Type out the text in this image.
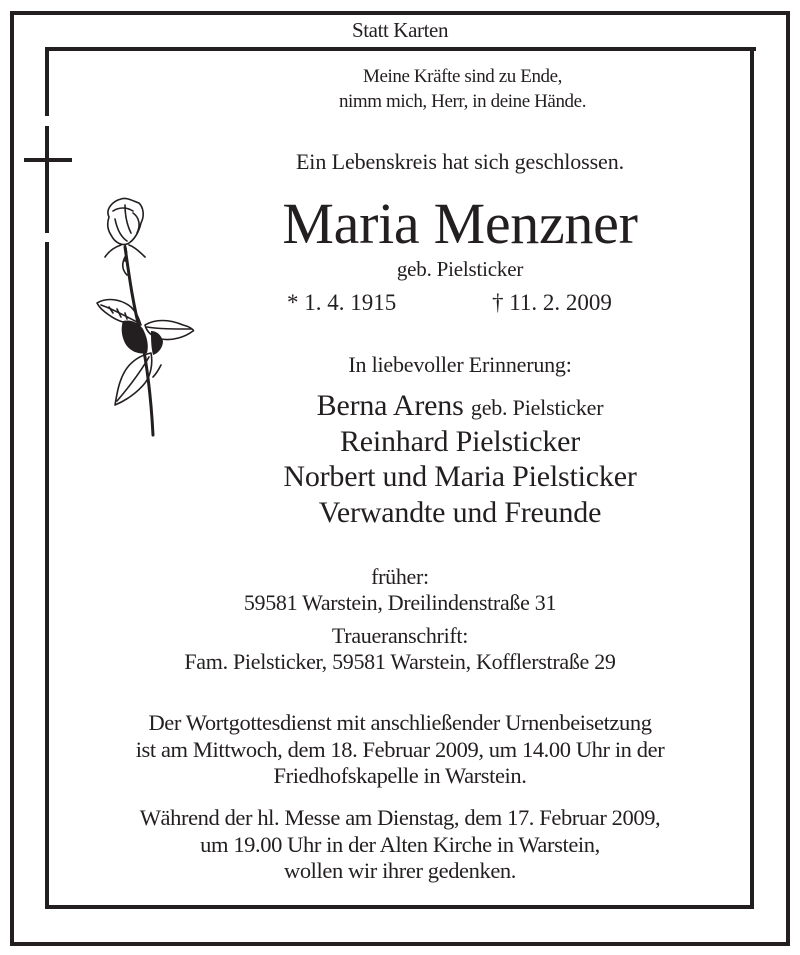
Statt Karten
Meine Kräfte sind zu Ende,
nimm mich, Herr, in deine Hände.
Ein Lebenskreis hat sich geschlossen.
Maria Menzner
geb. Pielsticker
* 1. 4. 1915	† 11. 2. 2009
In liebevoller Erinnerung:
Berna Arens geb. Pielsticker
Reinhard Pielsticker
Norbert und Maria Pielsticker
Verwandte und Freunde
früher:
59581 Warstein, Dreilindenstraße 31
Traueranschrift:
Fam. Pielsticker, 59581 Warstein, Kofflerstraße 29
Der Wortgottesdienst mit anschließender Urnenbeisetzung
ist am Mittwoch, dem 18. Februar 2009, um 14.00 Uhr in der
Friedhofskapelle in Warstein.
Während der hl. Messe am Dienstag, dem 17. Februar 2009,
um 19.00 Uhr in der Alten Kirche in Warstein,
wollen wir ihrer gedenken.
